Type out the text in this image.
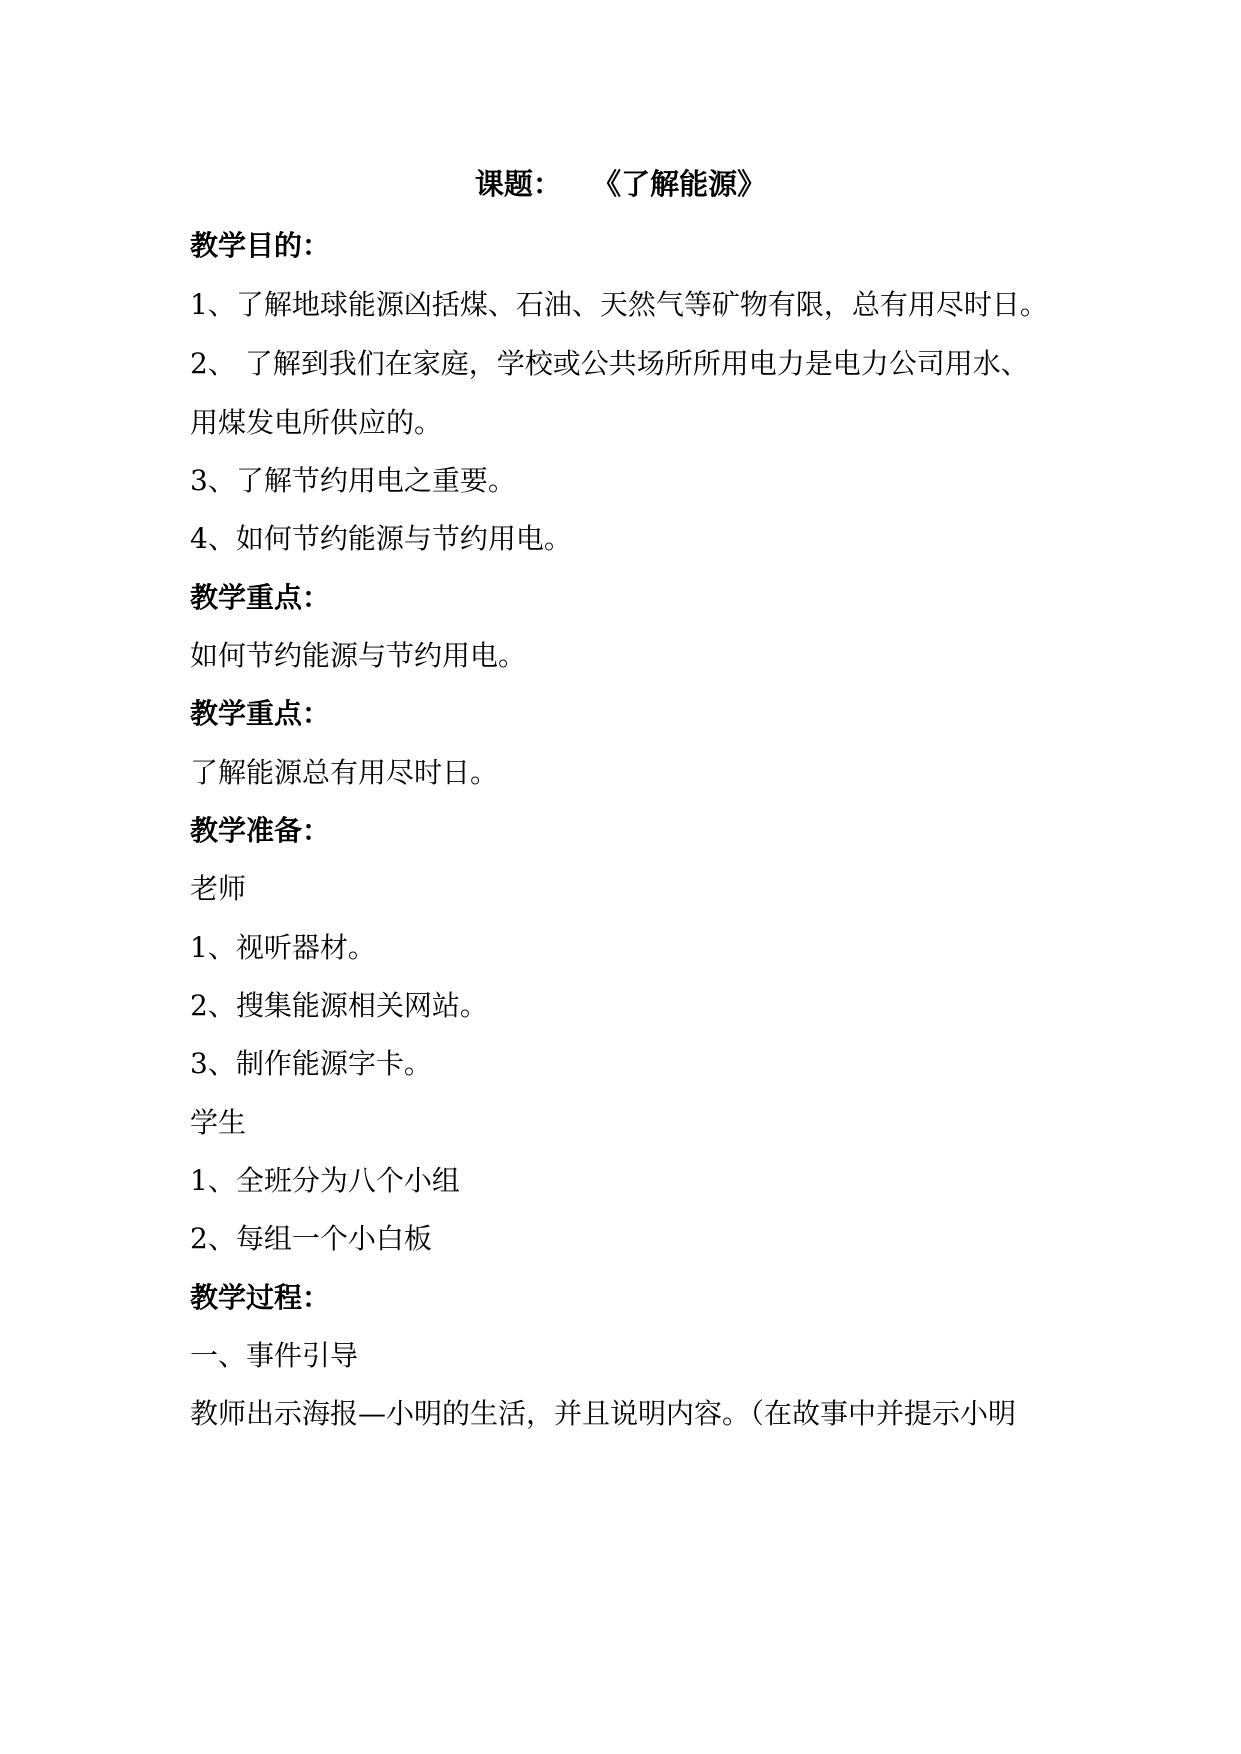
课题：   《了解能源》
教学目的：
1、了解地球能源凶括煤、石油、天然气等矿物有限，总有用尽时日。
2、 了解到我们在家庭，学校或公共场所所用电力是电力公司用水、
用煤发电所供应的。
3、了解节约用电之重要。
4、如何节约能源与节约用电。
教学重点：
如何节约能源与节约用电。
教学重点：
了解能源总有用尽时日。
教学准备：
老师
1、视听器材。
2、搜集能源相关网站。
3、制作能源字卡。
学生
1、全班分为八个小组
2、每组一个小白板
教学过程：
一、事件引导
教师出示海报—小明的生活，并且说明内容。（在故事中并提示小明
